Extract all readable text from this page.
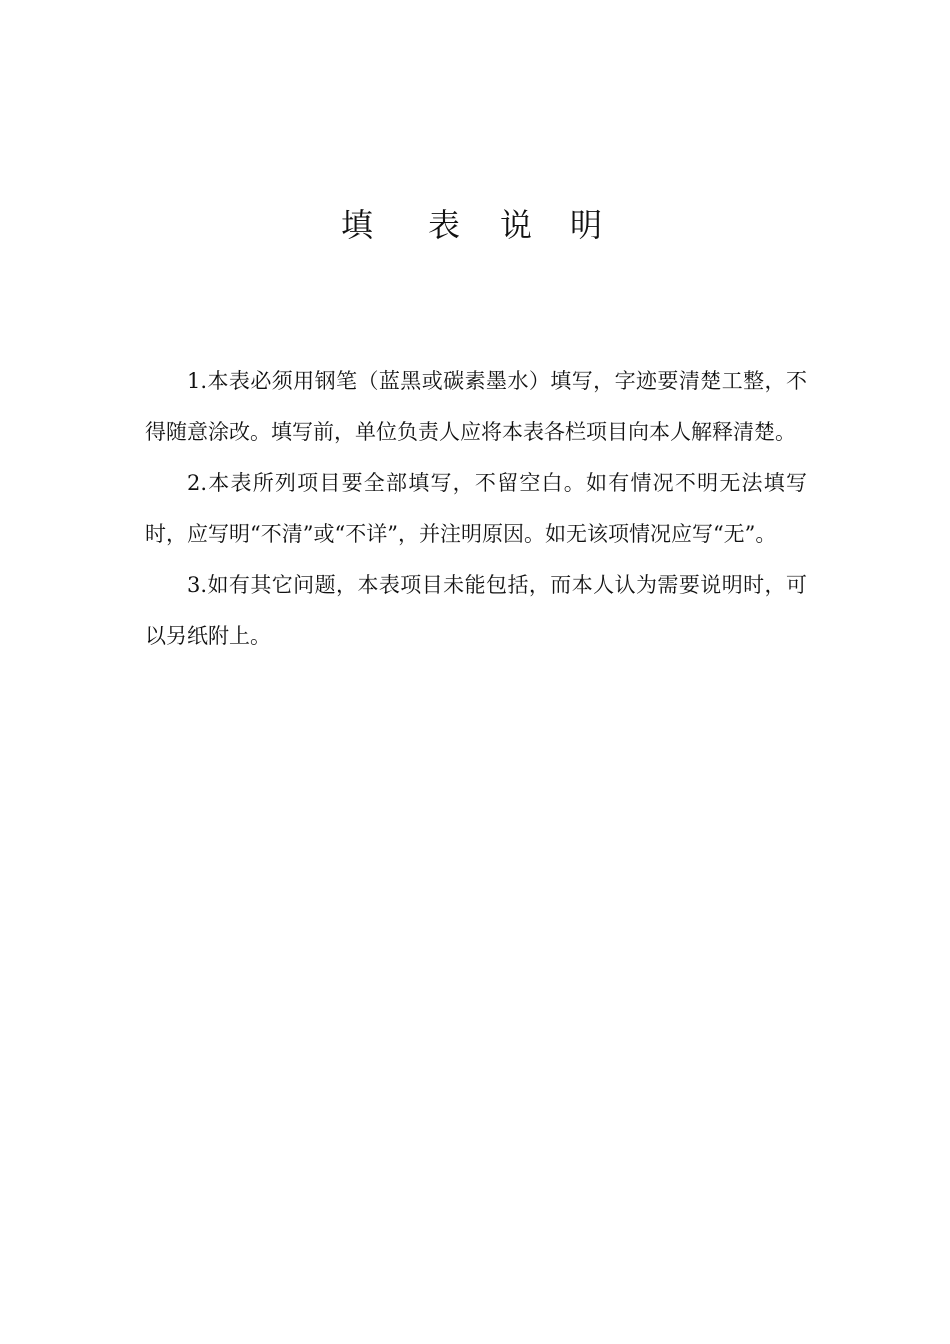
填 表 说 明

1.本表必须用钢笔（蓝黑或碳素墨水）填写，字迹要清楚工整，不得随意涂改。填写前，单位负责人应将本表各栏项目向本人解释清楚。

2.本表所列项目要全部填写，不留空白。如有情况不明无法填写时，应写明“不清”或“不详”，并注明原因。如无该项情况应写“无”。

3.如有其它问题，本表项目未能包括，而本人认为需要说明时，可以另纸附上。
